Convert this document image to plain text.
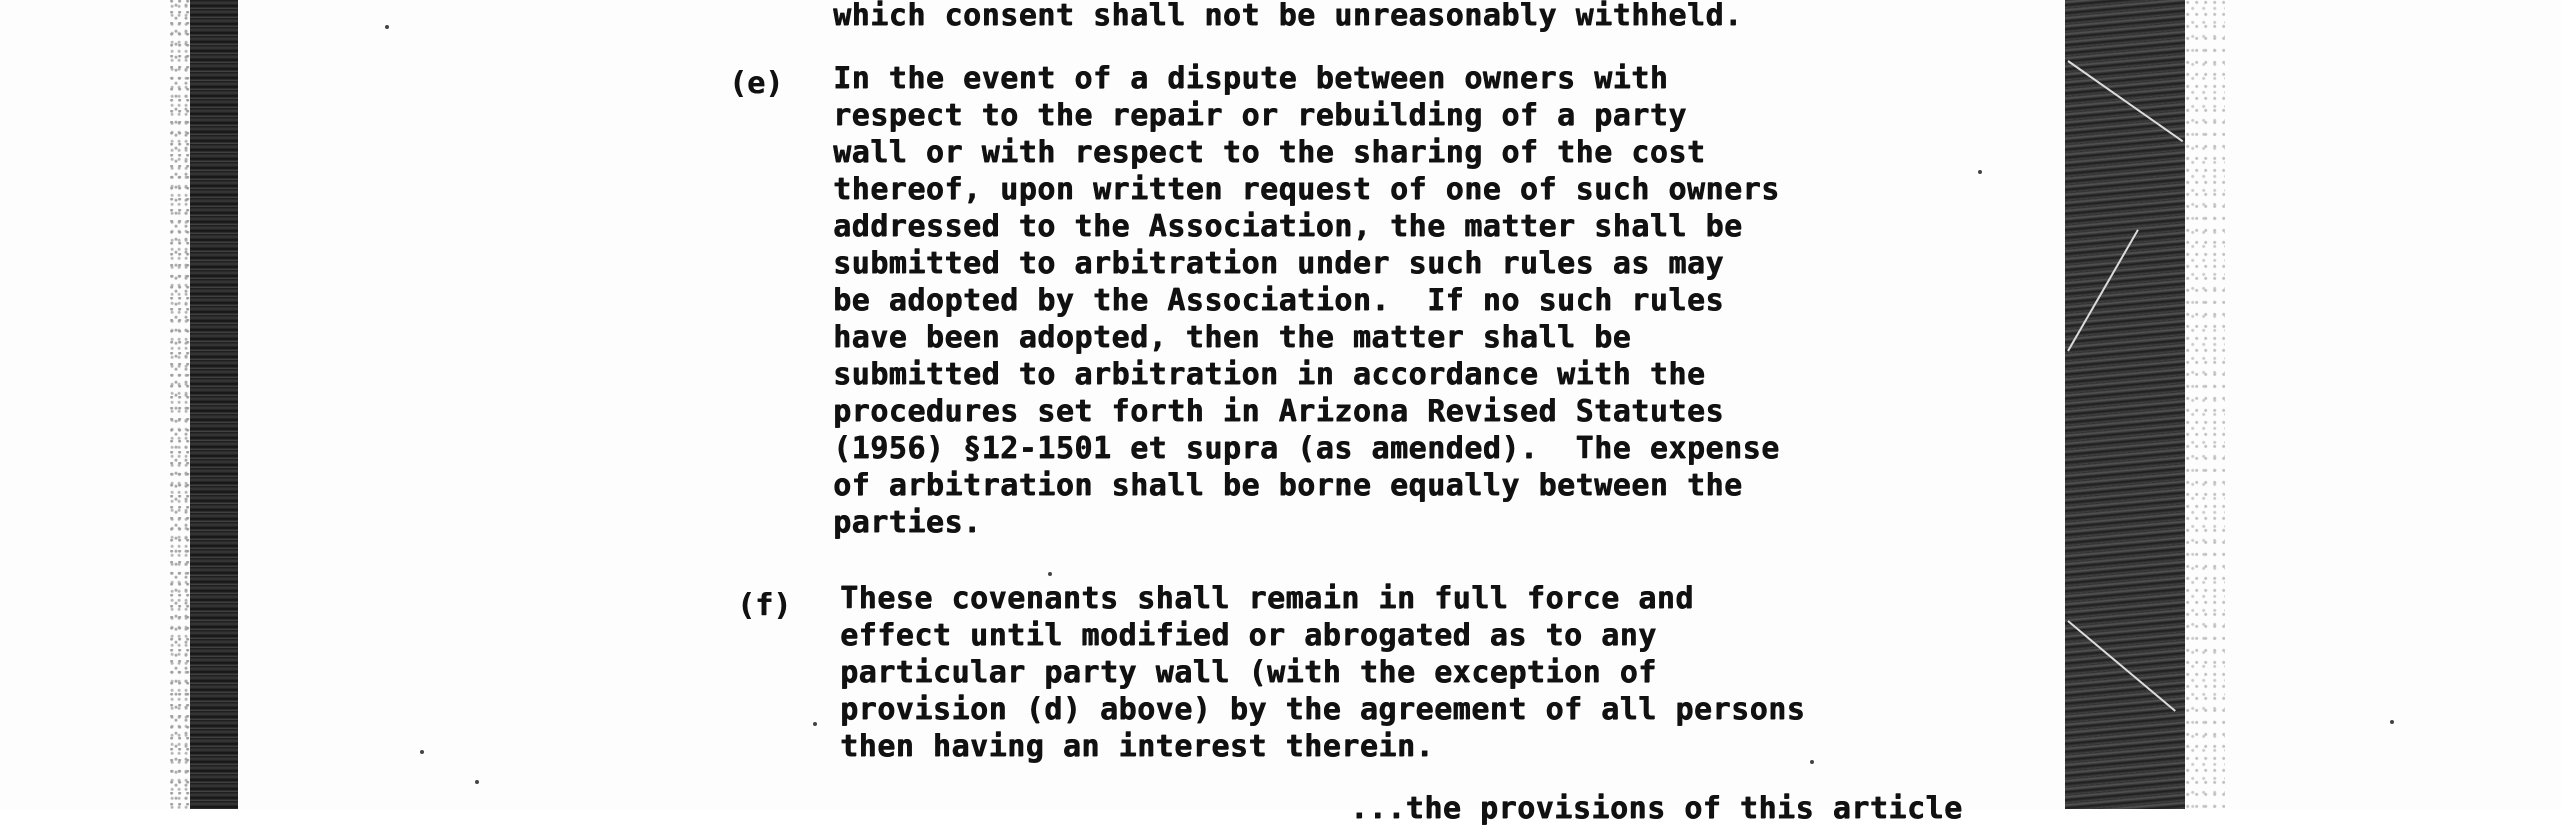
which consent shall not be unreasonably withheld.
(e) In the event of a dispute between owners with
respect to the repair or rebuilding of a party
wall or with respect to the sharing of the cost
thereof, upon written request of one of such owners
addressed to the Association, the matter shall be
submitted to arbitration under such rules as may
be adopted by the Association.  If no such rules
have been adopted, then the matter shall be
submitted to arbitration in accordance with the
procedures set forth in Arizona Revised Statutes
(1956) §12-1501 et supra (as amended).  The expense
of arbitration shall be borne equally between the
parties.
(f) These covenants shall remain in full force and
effect until modified or abrogated as to any
particular party wall (with the exception of
provision (d) above) by the agreement of all persons
then having an interest therein.
...the provisions of this article
